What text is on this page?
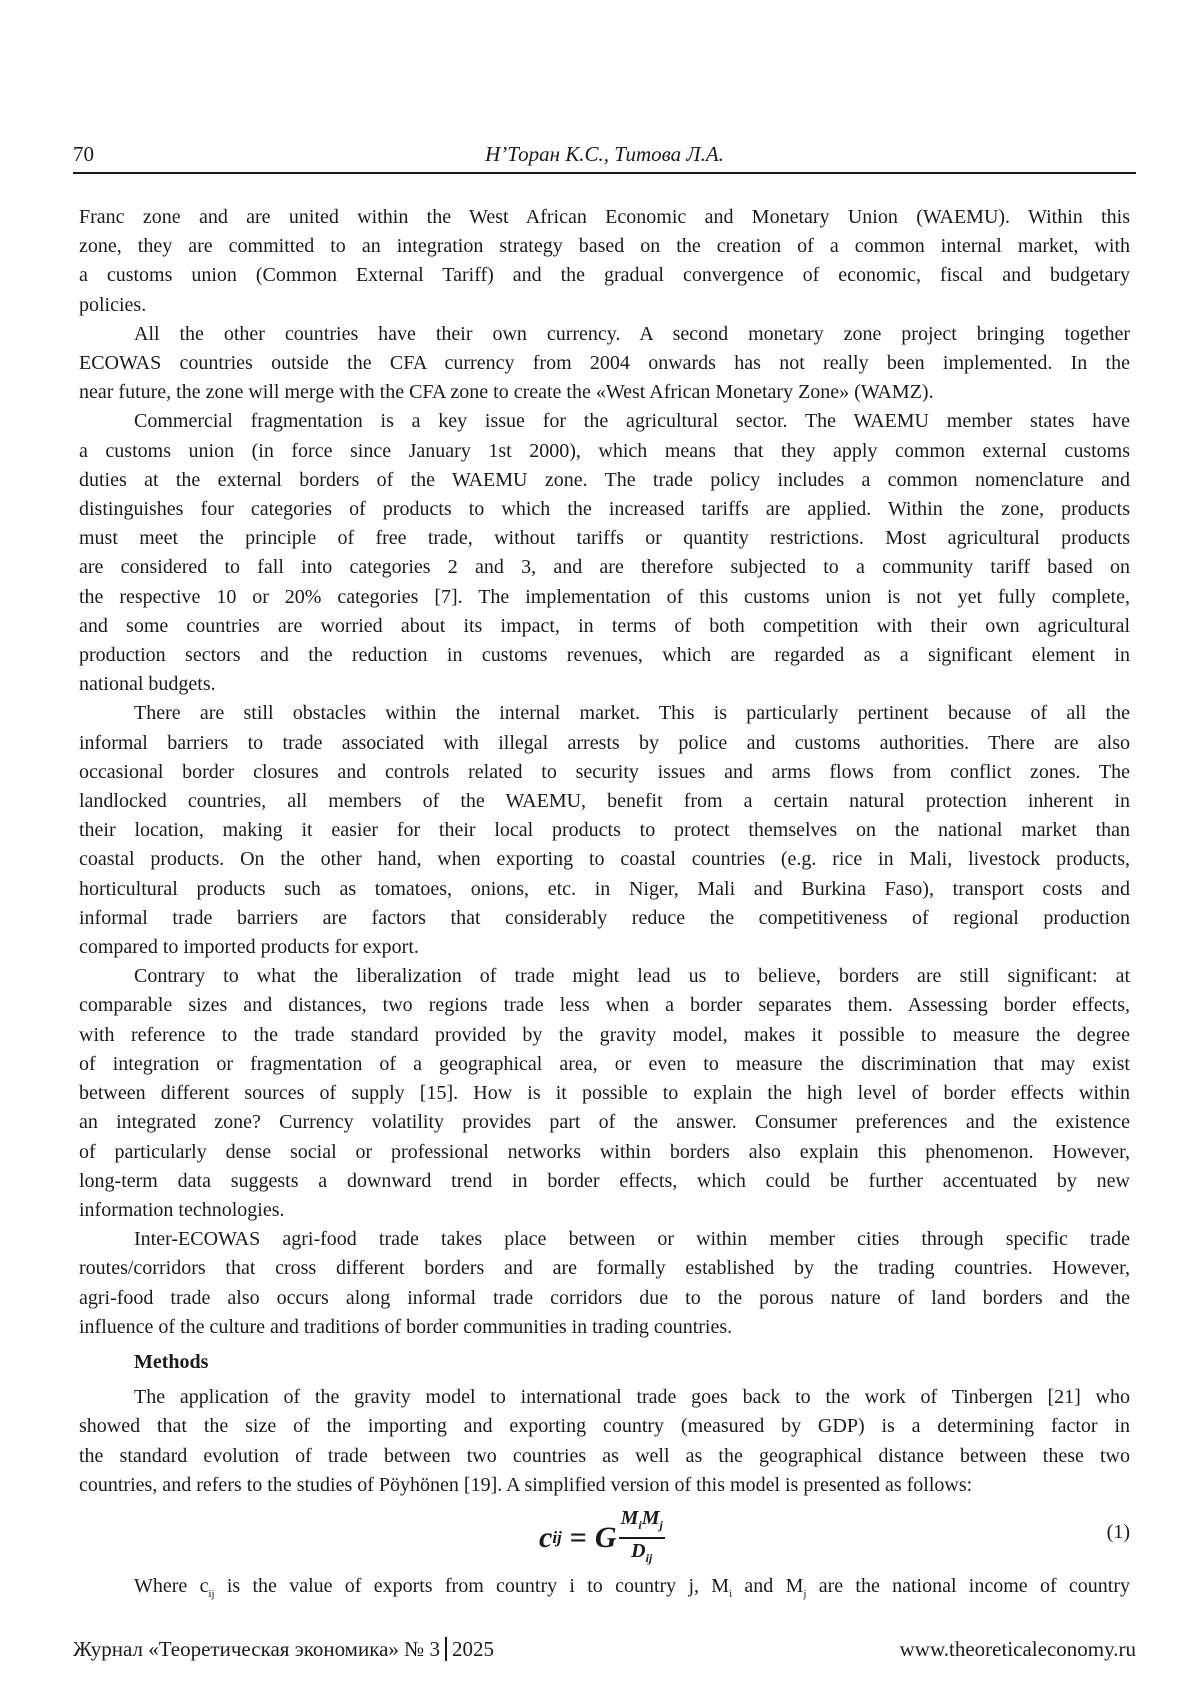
70	Н’Торан К.С., Титова Л.А.
Franc zone and are united within the West African Economic and Monetary Union (WAEMU). Within this
zone, they are committed to an integration strategy based on the creation of a common internal market, with
a customs union (Common External Tariff) and the gradual convergence of economic, fiscal and budgetary
policies.
All the other countries have their own currency. A second monetary zone project bringing together
ECOWAS countries outside the CFA currency from 2004 onwards has not really been implemented. In the
near future, the zone will merge with the CFA zone to create the «West African Monetary Zone» (WAMZ).
Commercial fragmentation is a key issue for the agricultural sector. The WAEMU member states have
a customs union (in force since January 1st 2000), which means that they apply common external customs
duties at the external borders of the WAEMU zone. The trade policy includes a common nomenclature and
distinguishes four categories of products to which the increased tariffs are applied. Within the zone, products
must meet the principle of free trade, without tariffs or quantity restrictions. Most agricultural products
are considered to fall into categories 2 and 3, and are therefore subjected to a community tariff based on
the respective 10 or 20% categories [7]. The implementation of this customs union is not yet fully complete,
and some countries are worried about its impact, in terms of both competition with their own agricultural
production sectors and the reduction in customs revenues, which are regarded as a significant element in
national budgets.
There are still obstacles within the internal market. This is particularly pertinent because of all the
informal barriers to trade associated with illegal arrests by police and customs authorities. There are also
occasional border closures and controls related to security issues and arms flows from conflict zones. The
landlocked countries, all members of the WAEMU, benefit from a certain natural protection inherent in
their location, making it easier for their local products to protect themselves on the national market than
coastal products. On the other hand, when exporting to coastal countries (e.g. rice in Mali, livestock products,
horticultural products such as tomatoes, onions, etc. in Niger, Mali and Burkina Faso), transport costs and
informal trade barriers are factors that considerably reduce the competitiveness of regional production
compared to imported products for export.
Contrary to what the liberalization of trade might lead us to believe, borders are still significant: at
comparable sizes and distances, two regions trade less when a border separates them. Assessing border effects,
with reference to the trade standard provided by the gravity model, makes it possible to measure the degree
of integration or fragmentation of a geographical area, or even to measure the discrimination that may exist
between different sources of supply [15]. How is it possible to explain the high level of border effects within
an integrated zone? Currency volatility provides part of the answer. Consumer preferences and the existence
of particularly dense social or professional networks within borders also explain this phenomenon. However,
long-term data suggests a downward trend in border effects, which could be further accentuated by new
information technologies.
Inter-ECOWAS agri-food trade takes place between or within member cities through specific trade
routes/corridors that cross different borders and are formally established by the trading countries. However,
agri-food trade also occurs along informal trade corridors due to the porous nature of land borders and the
influence of the culture and traditions of border communities in trading countries.
Methods
The application of the gravity model to international trade goes back to the work of Tinbergen [21] who
showed that the size of the importing and exporting country (measured by GDP) is a determining factor in
the standard evolution of trade between two countries as well as the geographical distance between these two
countries, and refers to the studies of Pöyhönen [19]. A simplified version of this model is presented as follows:
c ij = G $\frac{M_iM_j}{D_{ij}}$	(1)
Where $c_{ij}$ is the value of exports from country i to country j, $M_i$ and $M_j$ are the national income of country
Журнал «Теоретическая экономика» № 3 2025	www.theoreticaleconomy.ru
